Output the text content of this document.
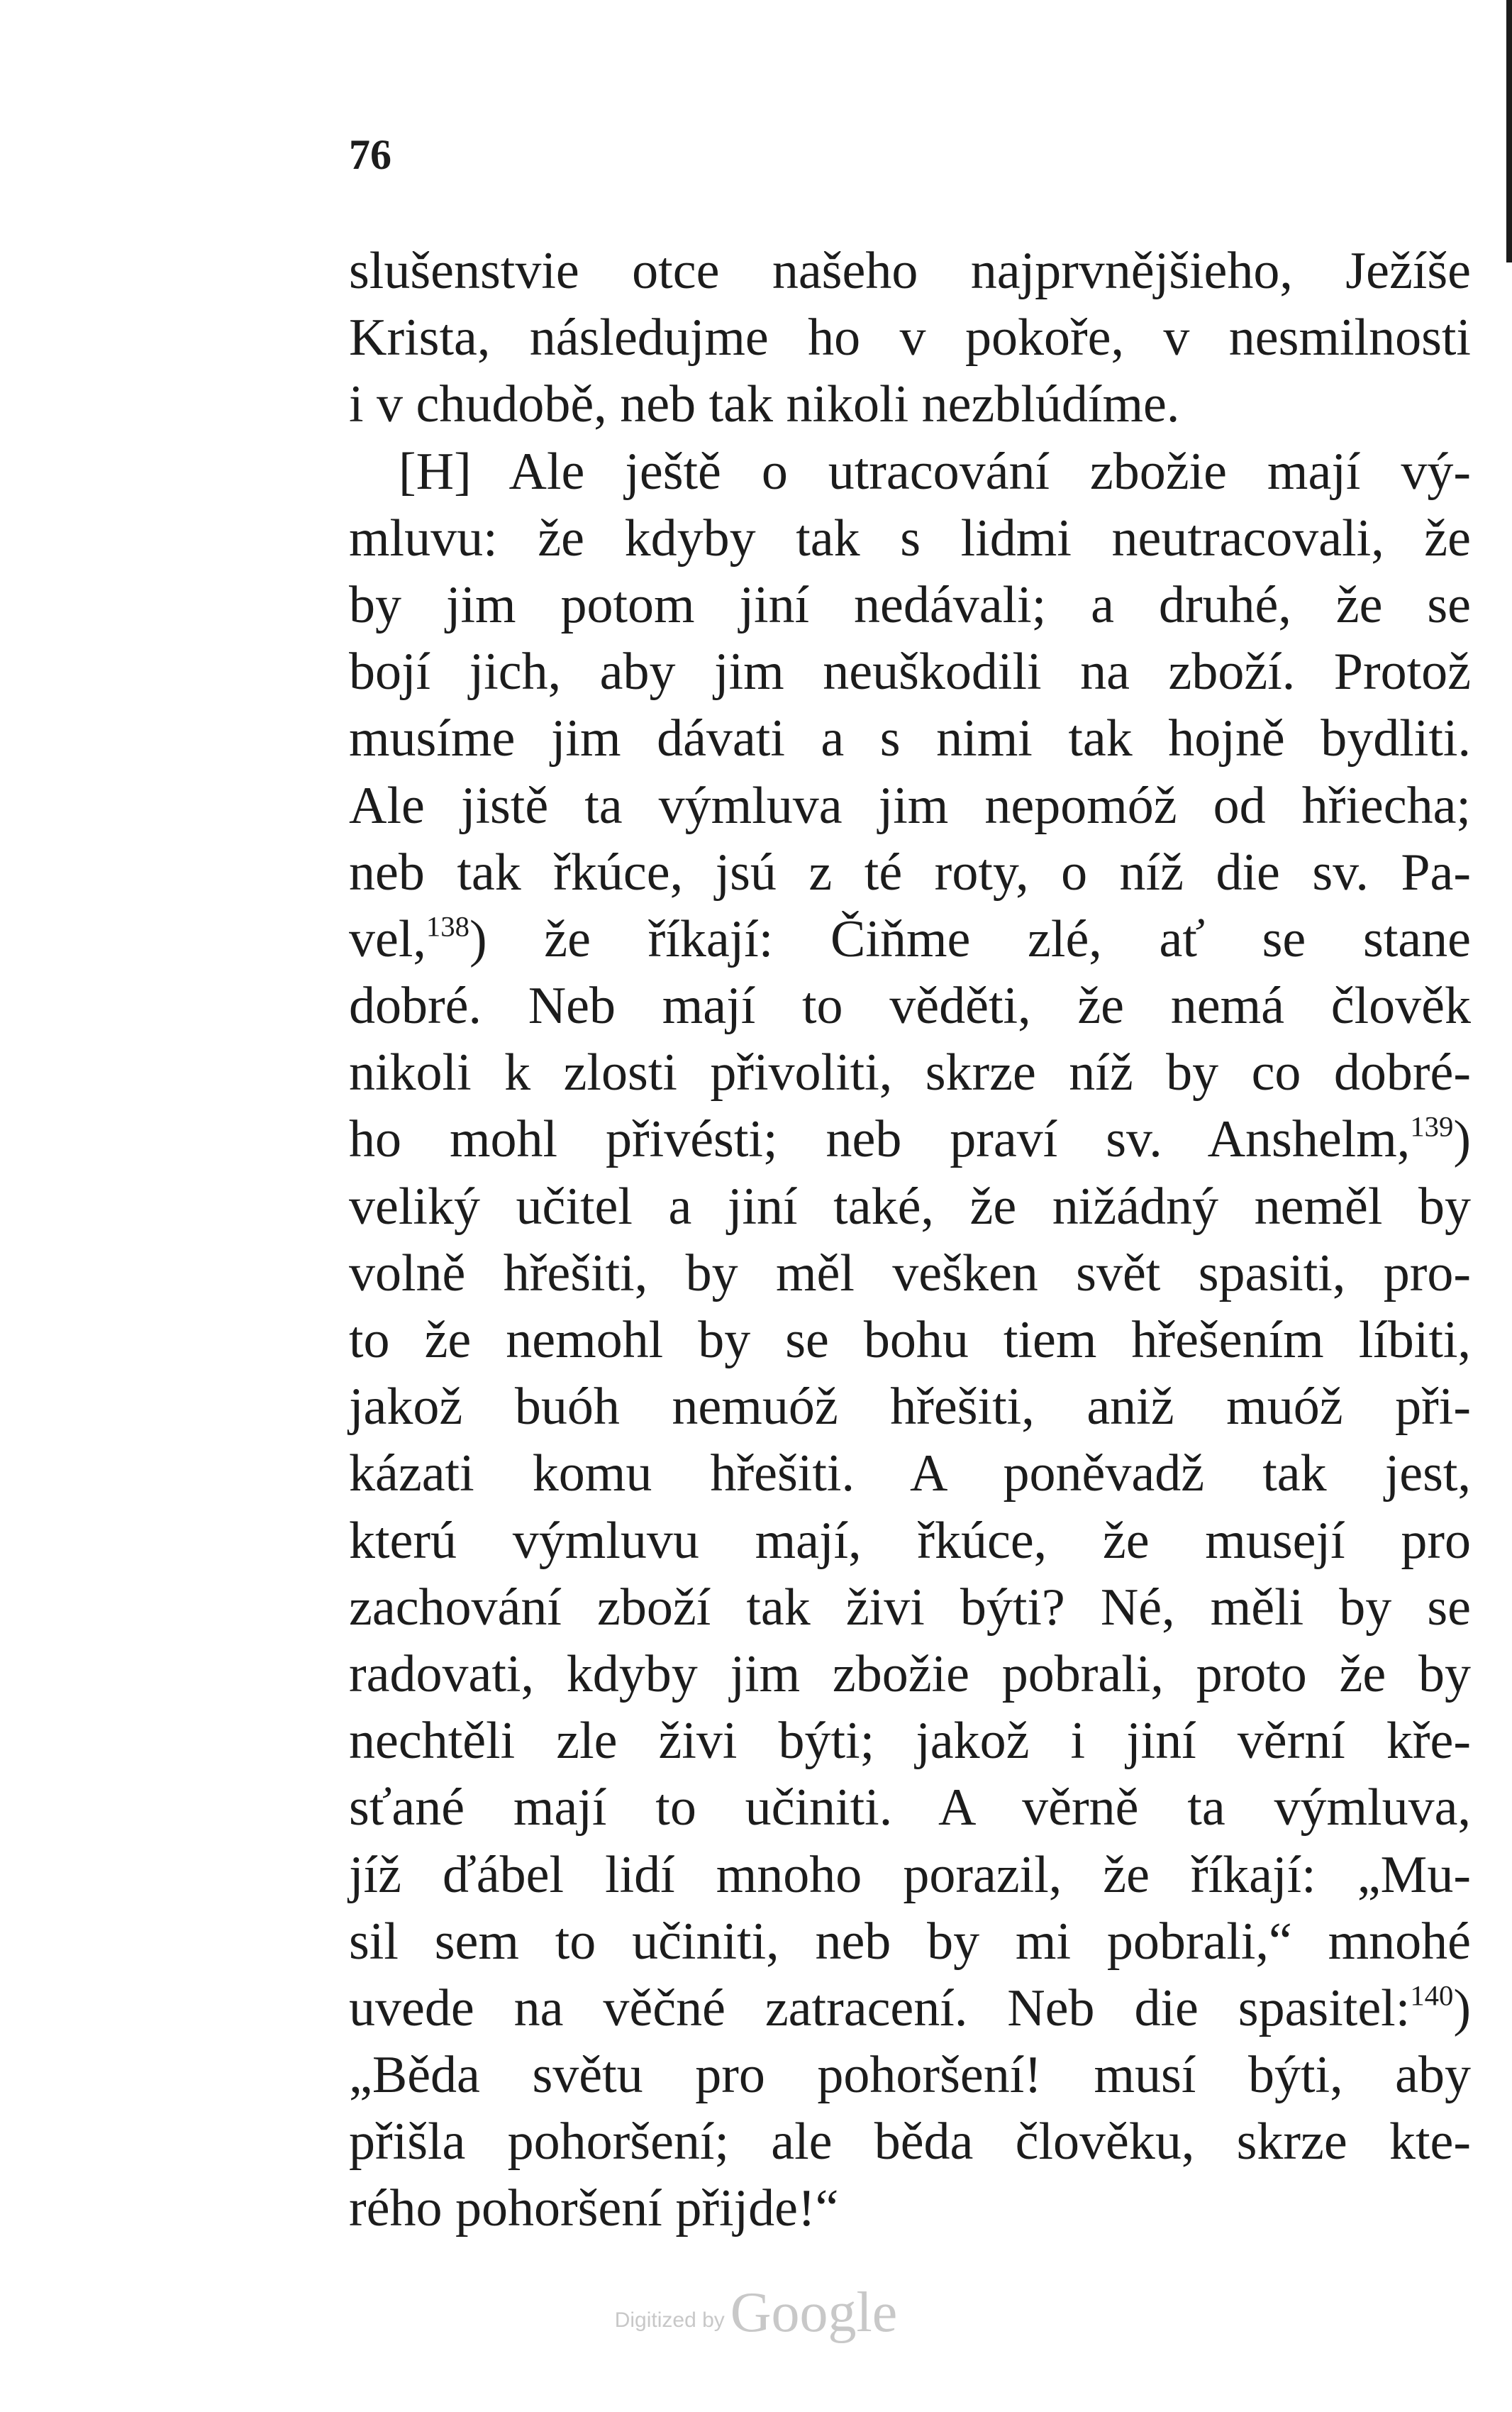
76
slušenstvie otce našeho najprvnějšieho, Ježíše
Krista, následujme ho v pokoře, v nesmilnosti
i v chudobě, neb tak nikoli nezblúdíme.
[H] Ale ještě o utracování zbožie mají vý-
mluvu: že kdyby tak s lidmi neutracovali, že
by jim potom jiní nedávali; a druhé, že se
bojí jich, aby jim neuškodili na zboží. Protož
musíme jim dávati a s nimi tak hojně bydliti.
Ale jistě ta výmluva jim nepomóž od hřiecha;
neb tak řkúce, jsú z té roty, o níž die sv. Pa-
vel,$^{138}$) že říkají: Čiňme zlé, ať se stane
dobré. Neb mají to věděti, že nemá člověk
nikoli k zlosti přivoliti, skrze níž by co dobré-
ho mohl přivésti; neb praví sv. Anshelm,$^{139}$)
veliký učitel a jiní také, že nižádný neměl by
volně hřešiti, by měl vešken svět spasiti, pro-
to že nemohl by se bohu tiem hřešením líbiti,
jakož buóh nemuóž hřešiti, aniž muóž při-
kázati komu hřešiti. A poněvadž tak jest,
kterú výmluvu mají, řkúce, že musejí pro
zachování zboží tak živi býti? Né, měli by se
radovati, kdyby jim zbožie pobrali, proto že by
nechtěli zle živi býti; jakož i jiní věrní kře-
sťané mají to učiniti. A věrně ta výmluva,
jíž ďábel lidí mnoho porazil, že říkají: „Mu-
sil sem to učiniti, neb by mi pobrali,“ mnohé
uvede na věčné zatracení. Neb die spasitel:$^{140}$)
„Běda světu pro pohoršení! musí býti, aby
přišla pohoršení; ale běda člověku, skrze kte-
rého pohoršení přijde!“
Digitized by Google
